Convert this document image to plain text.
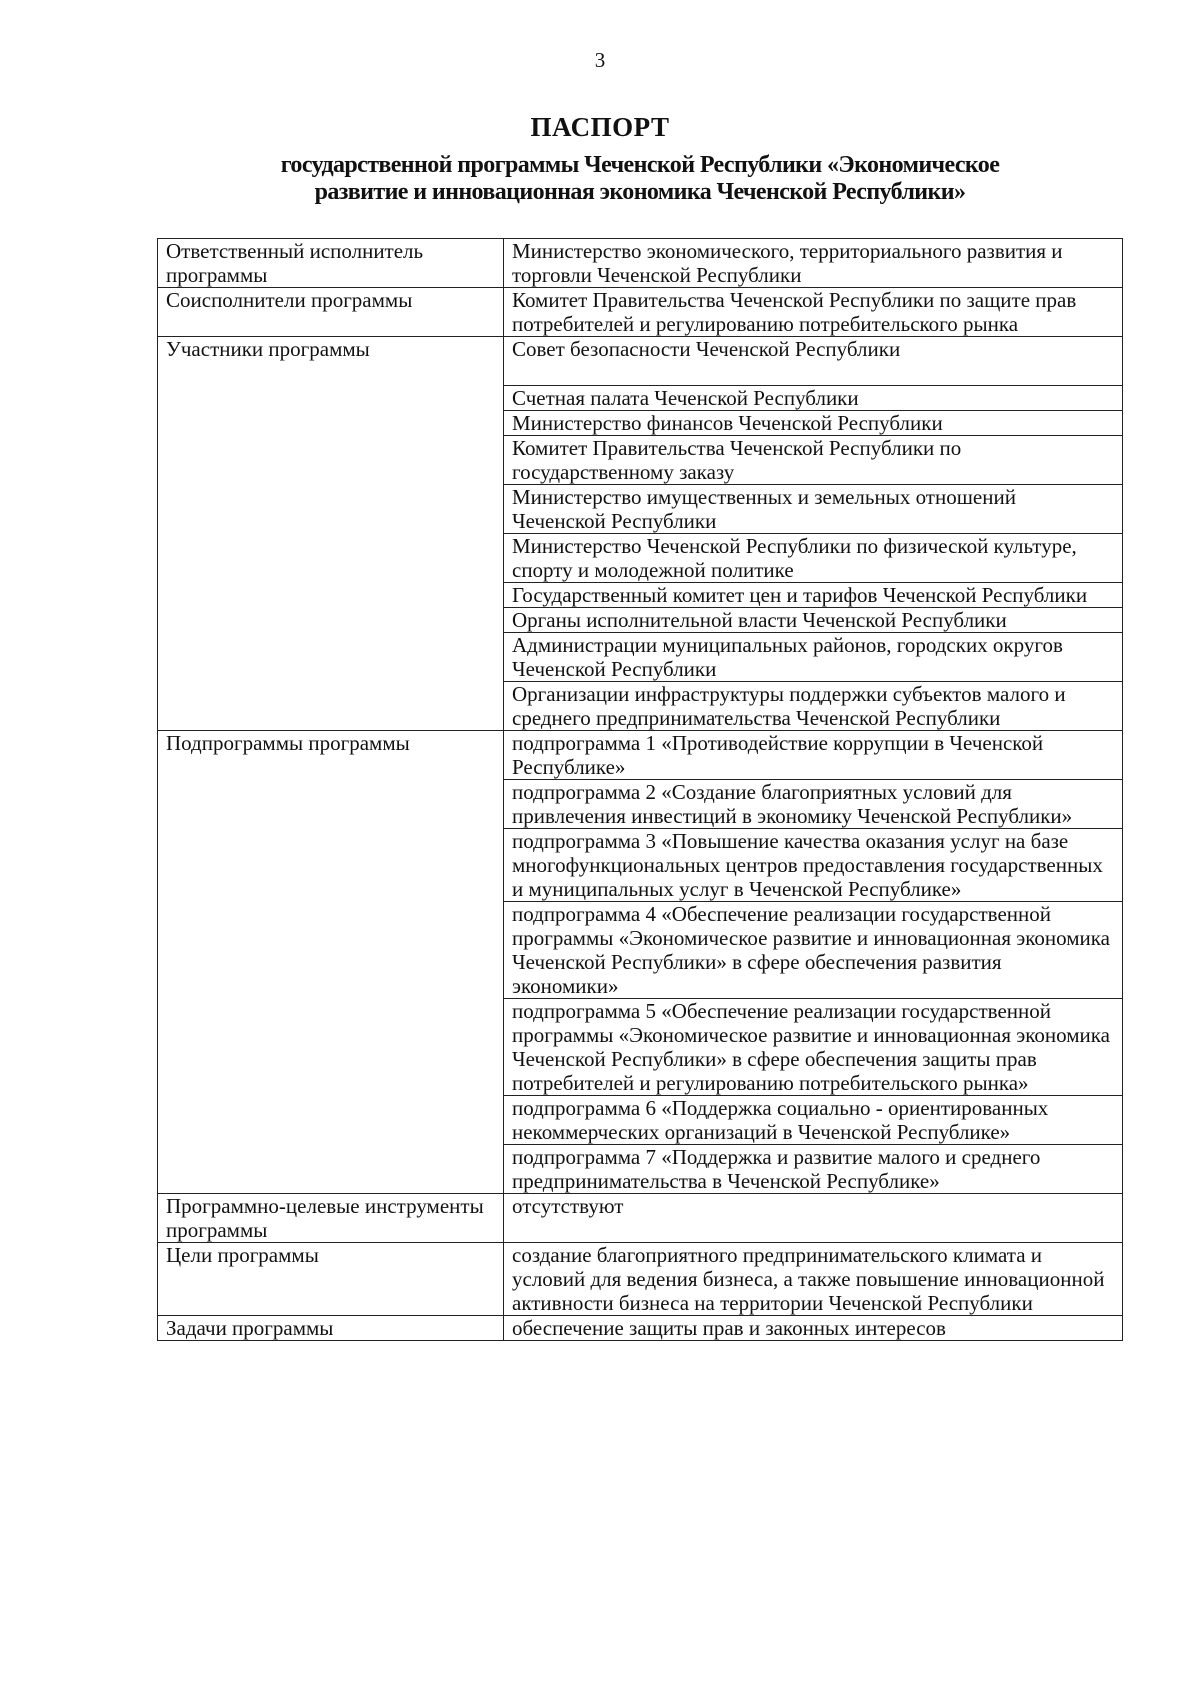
3
ПАСПОРТ
государственной программы Чеченской Республики «Экономическое
развитие и инновационная экономика Чеченской Республики»
Ответственный исполнитель программы	Министерство экономического, территориального развития и торговли Чеченской Республики
Соисполнители программы	Комитет Правительства Чеченской Республики по защите прав потребителей и регулированию потребительского рынка
Участники программы	Совет безопасности Чеченской Республики
	Счетная палата Чеченской Республики
	Министерство финансов Чеченской Республики
	Комитет Правительства Чеченской Республики по государственному заказу
	Министерство имущественных и земельных отношений Чеченской Республики
	Министерство Чеченской Республики по физической культуре, спорту и молодежной политике
	Государственный комитет цен и тарифов Чеченской Республики
	Органы исполнительной власти Чеченской Республики
	Администрации муниципальных районов, городских округов Чеченской Республики
	Организации инфраструктуры поддержки субъектов малого и среднего предпринимательства Чеченской Республики
Подпрограммы программы	подпрограмма 1 «Противодействие коррупции в Чеченской Республике»
	подпрограмма 2 «Создание благоприятных условий для привлечения инвестиций в экономику Чеченской Республики»
	подпрограмма 3 «Повышение качества оказания услуг на базе многофункциональных центров предоставления государственных и муниципальных услуг в Чеченской Республике»
	подпрограмма 4 «Обеспечение реализации государственной программы «Экономическое развитие и инновационная экономика Чеченской Республики» в сфере обеспечения развития экономики»
	подпрограмма 5 «Обеспечение реализации государственной программы «Экономическое развитие и инновационная экономика Чеченской Республики» в сфере обеспечения защиты прав потребителей и регулированию потребительского рынка»
	подпрограмма 6 «Поддержка социально - ориентированных некоммерческих организаций в Чеченской Республике»
	подпрограмма 7 «Поддержка и развитие малого и среднего предпринимательства в Чеченской Республике»
Программно-целевые инструменты программы	отсутствуют
Цели программы	создание благоприятного предпринимательского климата и условий для ведения бизнеса, а также повышение инновационной активности бизнеса на территории Чеченской Республики
Задачи программы	обеспечение защиты прав и законных интересов
